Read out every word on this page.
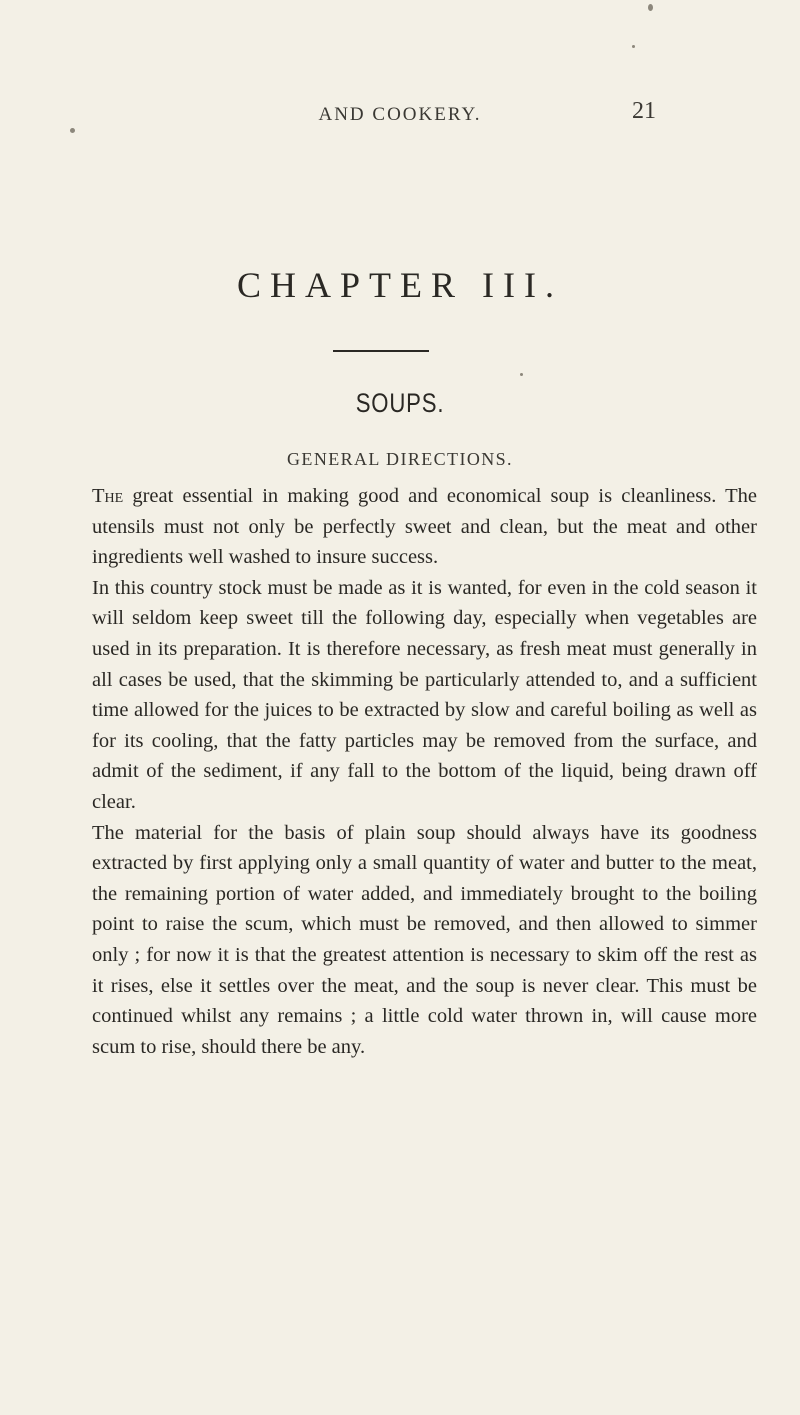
AND COOKERY.	21
CHAPTER III.
SOUPS.
GENERAL DIRECTIONS.

The great essential in making good and economical soup is cleanliness. The utensils must not only be perfectly sweet and clean, but the meat and other ingredients well washed to insure success.

In this country stock must be made as it is wanted, for even in the cold season it will seldom keep sweet till the following day, especially when vegetables are used in its preparation. It is therefore necessary, as fresh meat must generally in all cases be used, that the skimming be particularly attended to, and a sufficient time allowed for the juices to be extracted by slow and careful boiling as well as for its cooling, that the fatty particles may be removed from the surface, and admit of the sediment, if any fall to the bottom of the liquid, being drawn off clear.

The material for the basis of plain soup should always have its goodness extracted by first applying only a small quantity of water and butter to the meat, the remaining portion of water added, and immediately brought to the boiling point to raise the scum, which must be removed, and then allowed to simmer only ; for now it is that the greatest attention is necessary to skim off the rest as it rises, else it settles over the meat, and the soup is never clear. This must be continued whilst any remains ; a little cold water thrown in, will cause more scum to rise, should there be any.
